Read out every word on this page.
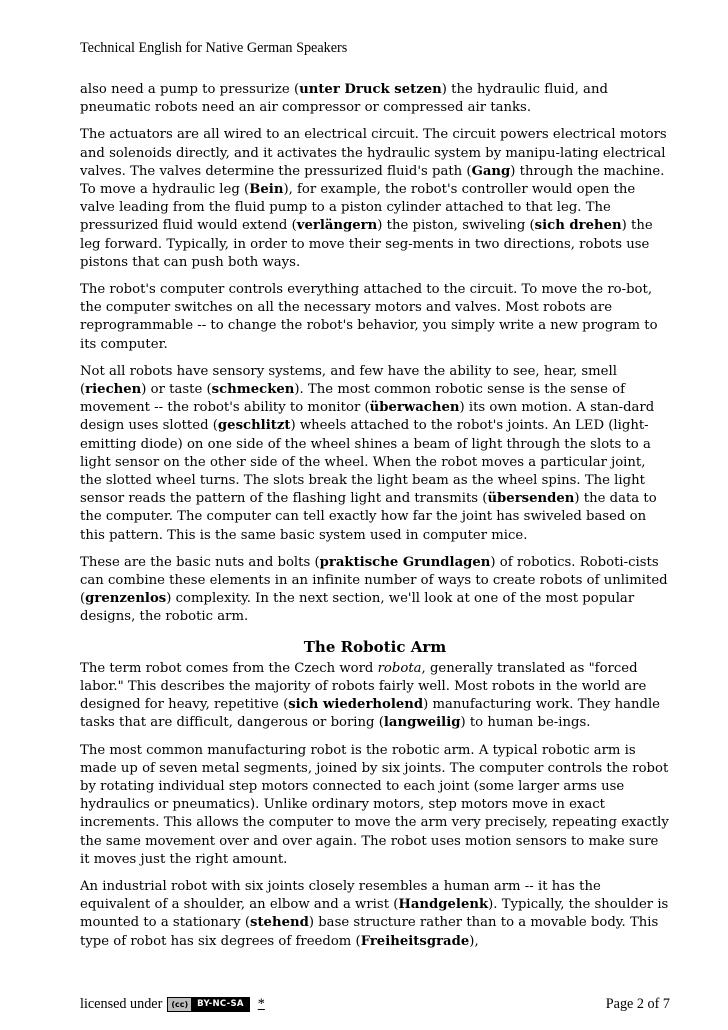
Technical English for Native German Speakers

also need a pump to pressurize (unter Druck setzen) the hydraulic fluid, and pneumatic robots need an air compressor or compressed air tanks.

The actuators are all wired to an electrical circuit. The circuit powers electrical motors and solenoids directly, and it activates the hydraulic system by manipu-lating electrical valves. The valves determine the pressurized fluid's path (Gang) through the machine. To move a hydraulic leg (Bein), for example, the robot's controller would open the valve leading from the fluid pump to a piston cylinder attached to that leg. The pressurized fluid would extend (verlängern) the piston, swiveling (sich drehen) the leg forward. Typically, in order to move their seg-ments in two directions, robots use pistons that can push both ways.

The robot's computer controls everything attached to the circuit. To move the ro-bot, the computer switches on all the necessary motors and valves. Most robots are reprogrammable -- to change the robot's behavior, you simply write a new program to its computer.

Not all robots have sensory systems, and few have the ability to see, hear, smell (riechen) or taste (schmecken). The most common robotic sense is the sense of movement -- the robot's ability to monitor (überwachen) its own motion. A stan-dard design uses slotted (geschlitzt) wheels attached to the robot's joints. An LED (light-emitting diode) on one side of the wheel shines a beam of light through the slots to a light sensor on the other side of the wheel. When the robot moves a particular joint, the slotted wheel turns. The slots break the light beam as the wheel spins. The light sensor reads the pattern of the flashing light and transmits (übersenden) the data to the computer. The computer can tell exactly how far the joint has swiveled based on this pattern. This is the same basic system used in computer mice.

These are the basic nuts and bolts (praktische Grundlagen) of robotics. Roboti-cists can combine these elements in an infinite number of ways to create robots of unlimited (grenzenlos) complexity. In the next section, we'll look at one of the most popular designs, the robotic arm.

The Robotic Arm

The term robot comes from the Czech word robota, generally translated as "forced labor." This describes the majority of robots fairly well. Most robots in the world are designed for heavy, repetitive (sich wiederholend) manufacturing work. They handle tasks that are difficult, dangerous or boring (langweilig) to human be-ings.

The most common manufacturing robot is the robotic arm. A typical robotic arm is made up of seven metal segments, joined by six joints. The computer controls the robot by rotating individual step motors connected to each joint (some larger arms use hydraulics or pneumatics). Unlike ordinary motors, step motors move in exact increments. This allows the computer to move the arm very precisely, repeating exactly the same movement over and over again. The robot uses motion sensors to make sure it moves just the right amount.

An industrial robot with six joints closely resembles a human arm -- it has the equivalent of a shoulder, an elbow and a wrist (Handgelenk). Typically, the shoulder is mounted to a stationary (stehend) base structure rather than to a movable body. This type of robot has six degrees of freedom (Freiheitsgrade),

licensed under	(cc)	BY-NC-SA *	Page 2 of 7
